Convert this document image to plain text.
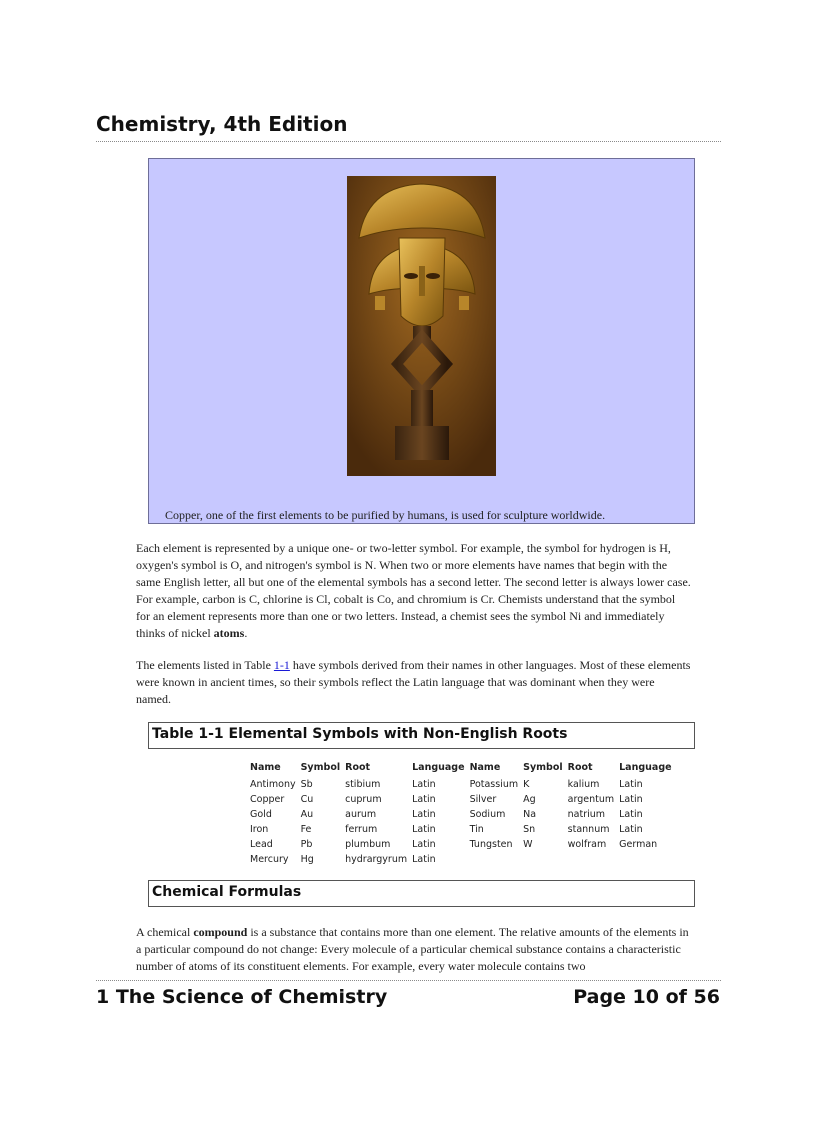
Chemistry, 4th Edition
Copper, one of the first elements to be purified by humans, is used for sculpture worldwide.

Each element is represented by a unique one- or two-letter symbol. For example, the symbol for hydrogen is H, oxygen's symbol is O, and nitrogen's symbol is N. When two or more elements have names that begin with the same English letter, all but one of the elemental symbols has a second letter. The second letter is always lower case. For example, carbon is C, chlorine is Cl, cobalt is Co, and chromium is Cr. Chemists understand that the symbol for an element represents more than one or two letters. Instead, a chemist sees the symbol Ni and immediately thinks of nickel atoms.

The elements listed in Table 1-1 have symbols derived from their names in other languages. Most of these elements were known in ancient times, so their symbols reflect the Latin language that was dominant when they were named.

Table 1-1 Elemental Symbols with Non-English Roots
Name	Symbol	Root	Language	Name	Symbol	Root	Language
Antimony	Sb	stibium	Latin	Potassium	K	kalium	Latin
Copper	Cu	cuprum	Latin	Silver	Ag	argentum	Latin
Gold	Au	aurum	Latin	Sodium	Na	natrium	Latin
Iron	Fe	ferrum	Latin	Tin	Sn	stannum	Latin
Lead	Pb	plumbum	Latin	Tungsten	W	wolfram	German
Mercury	Hg	hydrargyrum	Latin				
Chemical Formulas

A chemical compound is a substance that contains more than one element. The relative amounts of the elements in a particular compound do not change: Every molecule of a particular chemical substance contains a characteristic number of atoms of its constituent elements. For example, every water molecule contains two

1 The Science of Chemistry	Page 10 of 56
